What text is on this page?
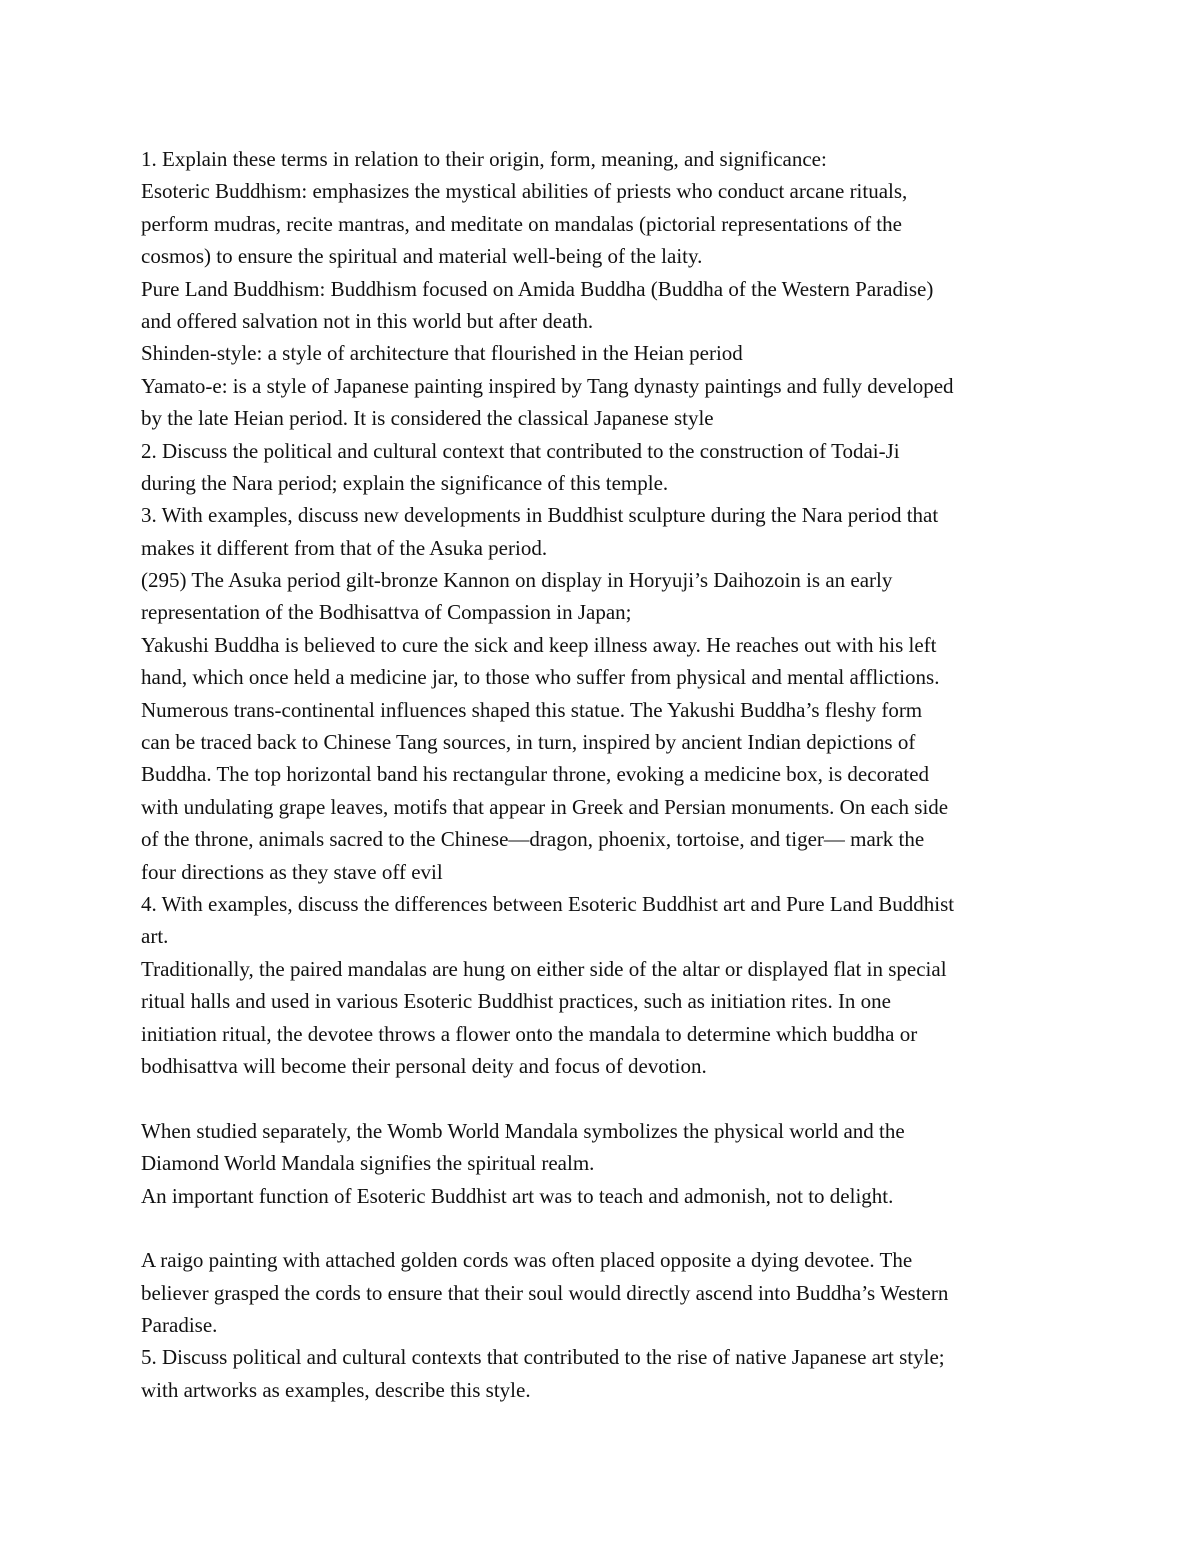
1. Explain these terms in relation to their origin, form, meaning, and significance:
Esoteric Buddhism: emphasizes the mystical abilities of priests who conduct arcane rituals,
perform mudras, recite mantras, and meditate on mandalas (pictorial representations of the
cosmos) to ensure the spiritual and material well-being of the laity.
Pure Land Buddhism: Buddhism focused on Amida Buddha (Buddha of the Western Paradise)
and offered salvation not in this world but after death.
Shinden-style: a style of architecture that flourished in the Heian period
Yamato-e: is a style of Japanese painting inspired by Tang dynasty paintings and fully developed
by the late Heian period. It is considered the classical Japanese style
2. Discuss the political and cultural context that contributed to the construction of Todai-Ji
during the Nara period; explain the significance of this temple.
3. With examples, discuss new developments in Buddhist sculpture during the Nara period that
makes it different from that of the Asuka period.
(295) The Asuka period gilt-bronze Kannon on display in Horyuji’s Daihozoin is an early
representation of the Bodhisattva of Compassion in Japan;
Yakushi Buddha is believed to cure the sick and keep illness away. He reaches out with his left
hand, which once held a medicine jar, to those who suffer from physical and mental afflictions.
Numerous trans-continental influences shaped this statue. The Yakushi Buddha’s fleshy form
can be traced back to Chinese Tang sources, in turn, inspired by ancient Indian depictions of
Buddha. The top horizontal band his rectangular throne, evoking a medicine box, is decorated
with undulating grape leaves, motifs that appear in Greek and Persian monuments. On each side
of the throne, animals sacred to the Chinese—dragon, phoenix, tortoise, and tiger— mark the
four directions as they stave off evil
4. With examples, discuss the differences between Esoteric Buddhist art and Pure Land Buddhist
art.
Traditionally, the paired mandalas are hung on either side of the altar or displayed flat in special
ritual halls and used in various Esoteric Buddhist practices, such as initiation rites. In one
initiation ritual, the devotee throws a flower onto the mandala to determine which buddha or
bodhisattva will become their personal deity and focus of devotion.
When studied separately, the Womb World Mandala symbolizes the physical world and the
Diamond World Mandala signifies the spiritual realm.
An important function of Esoteric Buddhist art was to teach and admonish, not to delight.
A raigo painting with attached golden cords was often placed opposite a dying devotee. The
believer grasped the cords to ensure that their soul would directly ascend into Buddha’s Western
Paradise.
5. Discuss political and cultural contexts that contributed to the rise of native Japanese art style;
with artworks as examples, describe this style.
